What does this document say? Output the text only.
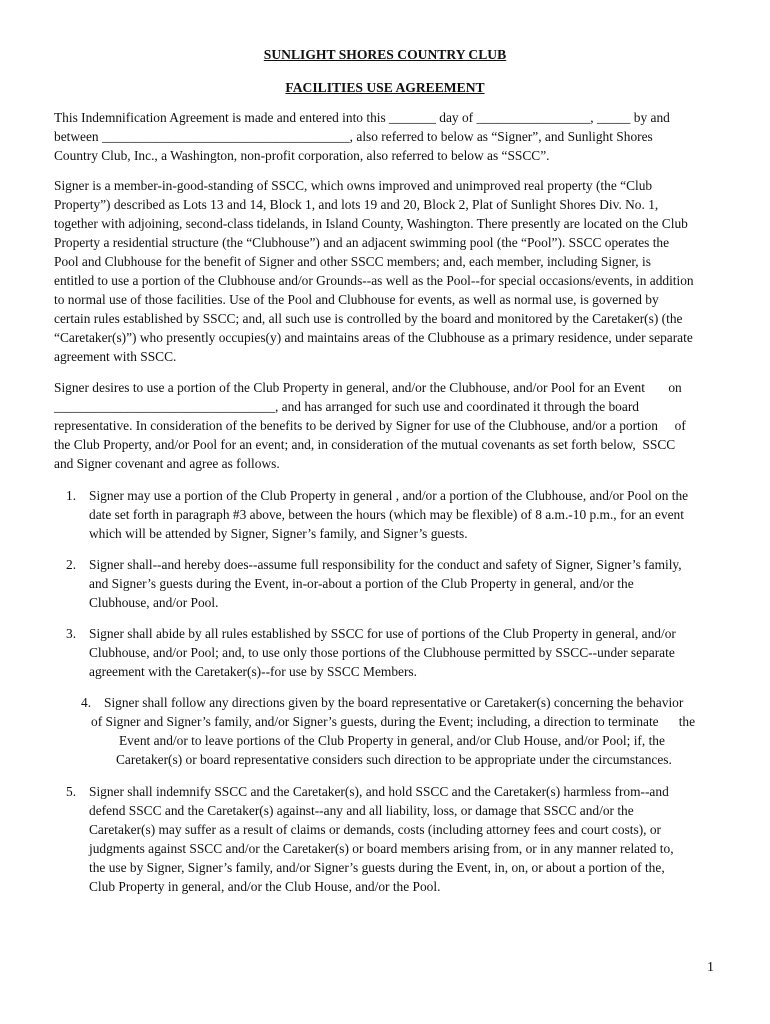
SUNLIGHT SHORES COUNTRY CLUB
FACILITIES USE AGREEMENT
This Indemnification Agreement is made and entered into this _______ day of _________________, _____ by and
between _____________________________________, also referred to below as “Signer”, and Sunlight Shores
Country Club, Inc., a Washington, non-profit corporation, also referred to below as “SSCC”.
Signer is a member-in-good-standing of SSCC, which owns improved and unimproved real property (the “Club
Property”) described as Lots 13 and 14, Block 1, and lots 19 and 20, Block 2, Plat of Sunlight Shores Div. No. 1,
together with adjoining, second-class tidelands, in Island County, Washington. There presently are located on the Club
Property a residential structure (the “Clubhouse”) and an adjacent swimming pool (the “Pool”). SSCC operates the
Pool and Clubhouse for the benefit of Signer and other SSCC members; and, each member, including Signer, is
entitled to use a portion of the Clubhouse and/or Grounds--as well as the Pool--for special occasions/events, in addition
to normal use of those facilities. Use of the Pool and Clubhouse for events, as well as normal use, is governed by
certain rules established by SSCC; and, all such use is controlled by the board and monitored by the Caretaker(s) (the
“Caretaker(s)”) who presently occupies(y) and maintains areas of the Clubhouse as a primary residence, under separate
agreement with SSCC.
Signer desires to use a portion of the Club Property in general, and/or the Clubhouse, and/or Pool for an Event       on
_________________________________, and has arranged for such use and coordinated it through the board
representative. In consideration of the benefits to be derived by Signer for use of the Clubhouse, and/or a portion     of
the Club Property, and/or Pool for an event; and, in consideration of the mutual covenants as set forth below,  SSCC
and Signer covenant and agree as follows.
1. Signer may use a portion of the Club Property in general , and/or a portion of the Clubhouse, and/or Pool on the
date set forth in paragraph #3 above, between the hours (which may be flexible) of 8 a.m.-10 p.m., for an event
which will be attended by Signer, Signer’s family, and Signer’s guests.
2. Signer shall--and hereby does--assume full responsibility for the conduct and safety of Signer, Signer’s family,
and Signer’s guests during the Event, in-or-about a portion of the Club Property in general, and/or the
Clubhouse, and/or Pool.
3. Signer shall abide by all rules established by SSCC for use of portions of the Club Property in general, and/or
Clubhouse, and/or Pool; and, to use only those portions of the Clubhouse permitted by SSCC--under separate
agreement with the Caretaker(s)--for use by SSCC Members.
4. Signer shall follow any directions given by the board representative or Caretaker(s) concerning the behavior
of Signer and Signer’s family, and/or Signer’s guests, during the Event; including, a direction to terminate      the
Event and/or to leave portions of the Club Property in general, and/or Club House, and/or Pool; if, the
Caretaker(s) or board representative considers such direction to be appropriate under the circumstances.
5. Signer shall indemnify SSCC and the Caretaker(s), and hold SSCC and the Caretaker(s) harmless from--and
defend SSCC and the Caretaker(s) against--any and all liability, loss, or damage that SSCC and/or the
Caretaker(s) may suffer as a result of claims or demands, costs (including attorney fees and court costs), or
judgments against SSCC and/or the Caretaker(s) or board members arising from, or in any manner related to,
the use by Signer, Signer’s family, and/or Signer’s guests during the Event, in, on, or about a portion of the,
Club Property in general, and/or the Club House, and/or the Pool.
1
